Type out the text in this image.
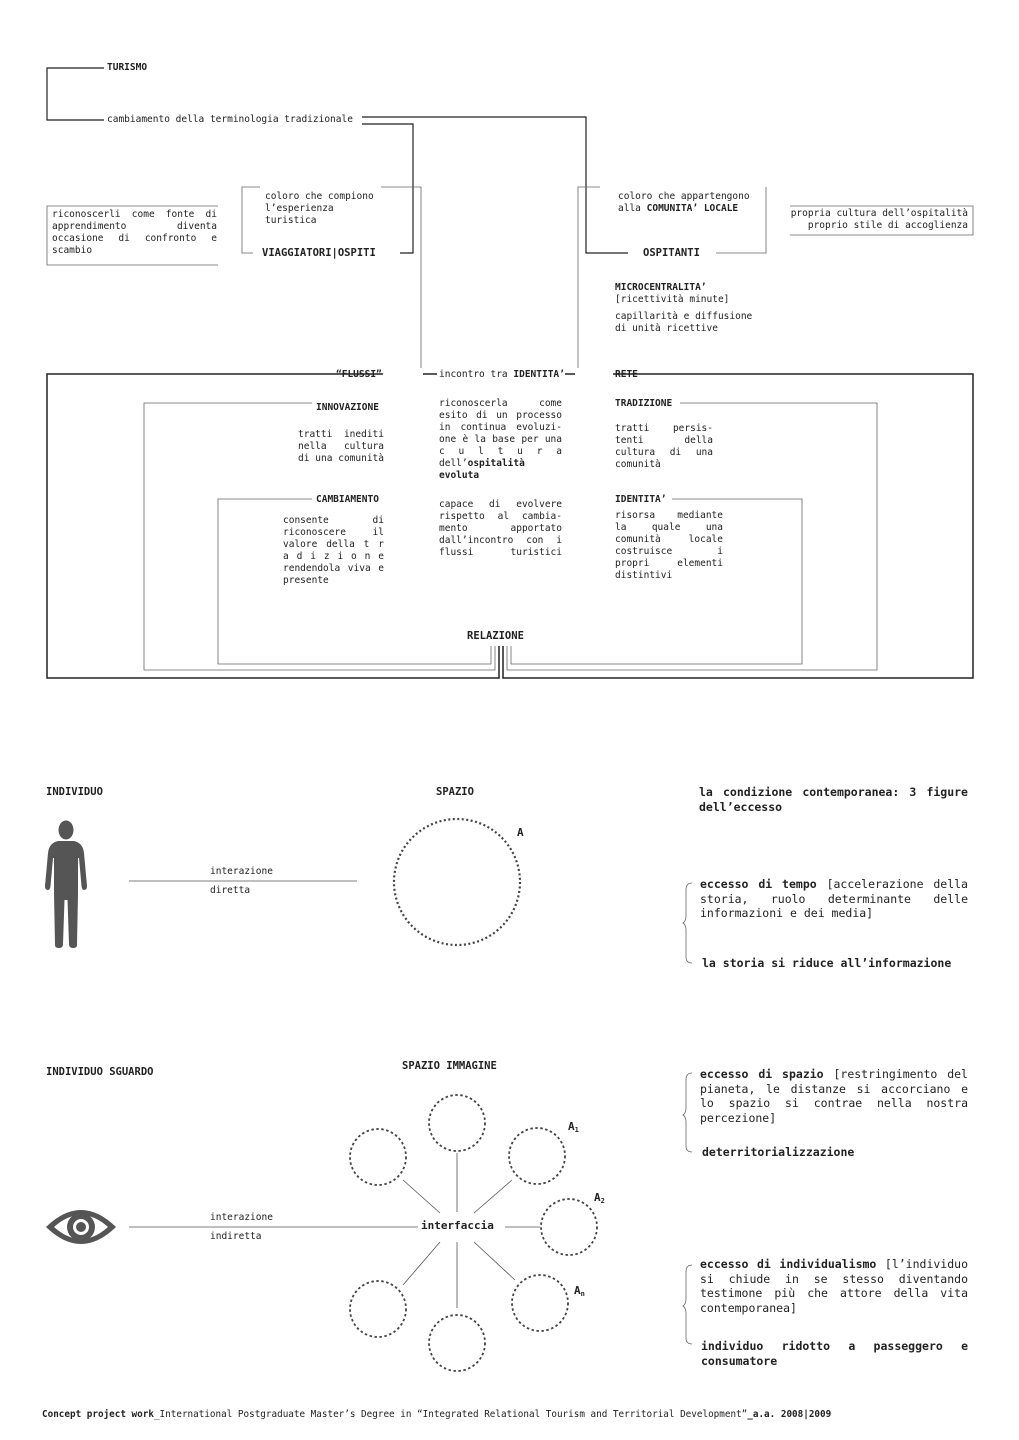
TURISMO
cambiamento della terminologia tradizionale
coloro che compiono l’esperienza turistica
VIAGGIATORI|OSPITI
riconoscerli come fonte di apprendimento diventa occasione di confronto e scambio
coloro che appartengono
alla COMUNITA’ LOCALE
OSPITANTI
propria cultura dell’ospitalità
proprio stile di accoglienza
MICROCENTRALITA’
[ricettività minute]
capillarità e diffusione di unità ricettive
“FLUSSI”	incontro tra IDENTITA’	RETE
INNOVAZIONE
tratti inediti nella cultura di una comunità
TRADIZIONE
tratti persis-tenti della cultura di una comunità
riconoscerla come esito di un processo in continua evoluzi-one è la base per una c u l t u r a dell’ospitalità evoluta
capace di evolvere rispetto al cambia-mento apportato dall’incontro con i flussi turistici
CAMBIAMENTO
consente di riconoscere il valore della t r a d i z i o n e rendendola viva e presente
IDENTITA’
risorsa mediante la quale una comunità locale costruisce i propri elementi distintivi
RELAZIONE
INDIVIDUO	SPAZIO
interazione
diretta
A
INDIVIDUO SGUARDO	SPAZIO IMMAGINE
interazione
indiretta
interfaccia
$A_1$
$A_2$
$A_n$
la condizione contemporanea: 3 figure dell’eccesso
eccesso di tempo [accelerazione della storia, ruolo determinante delle informazioni e dei media]
la storia si riduce all’informazione
eccesso di spazio [restringimento del pianeta, le distanze si accorciano e lo spazio si contrae nella nostra percezione]
deterritorializzazione
eccesso di individualismo [l’individuo si chiude in se stesso diventando testimone più che attore della vita contemporanea]
individuo ridotto a passeggero e consumatore
Concept project work_International Postgraduate Master’s Degree in “Integrated Relational Tourism and Territorial Development”_a.a. 2008|2009
